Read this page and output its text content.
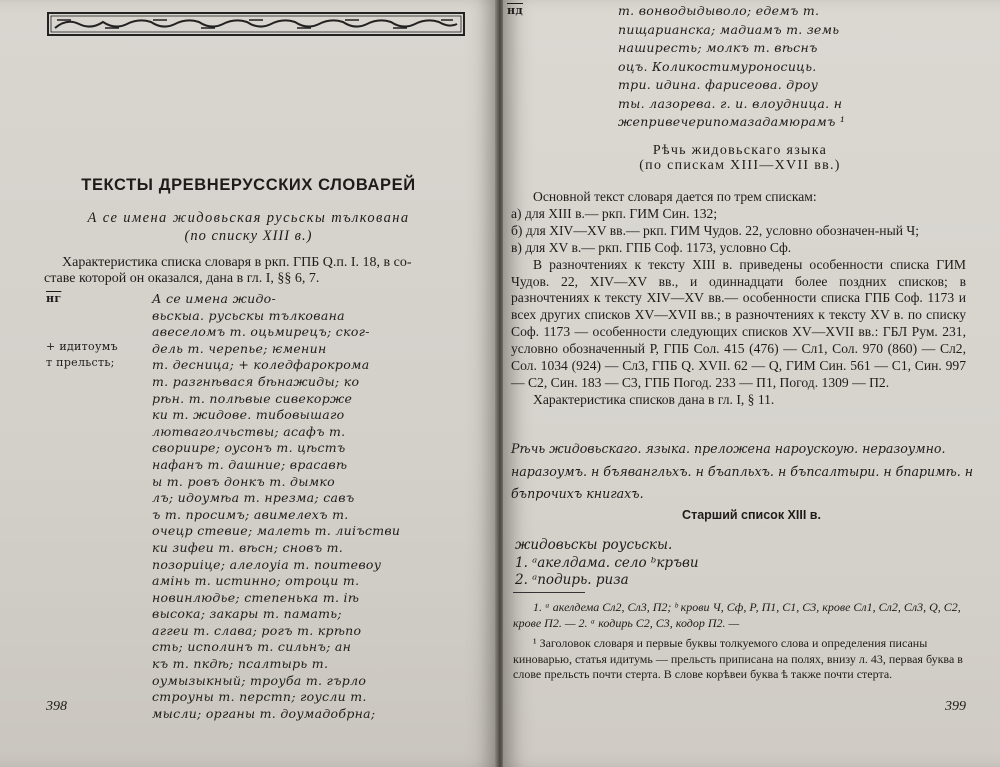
ТЕКСТЫ ДРЕВНЕРУССКИХ СЛОВАРЕЙ
А се имена жидовьская русьскы тълкована
(по списку XIII в.)
Характеристика списка словаря в ркп. ГПБ Q.п. I. 18, в со-
ставе которой он оказался, дана в гл. I, §§ 6, 7.
нг
+ идитоумъ
т прельсть;
А се имена жидо-
вьскыа. русьскы тълкована
авеселомъ т. оцьмирецъ; ског-
дель т. черепье; ѥменин
т. десница; + коледфарокрома
т. разгнѣвася бѣнажиды; ко
рѣн. т. полѣвые сивекорже
ки т. жидове. тибовышаго
лютваголчьствы; асафъ т.
свориире; оусонъ т. цѣстъ
нафанъ т. дашние; врасавѣ
ы т. ровъ донкъ т. дымко
лъ; идоумѣа т. нрезма; савъ
ъ т. просимъ; авимелехъ т.
очецр стевие; малеть т. лиіъстви
ки зифеи т. вѣсн; сновъ т.
позориіце; алелоуіа т. поитевоу
амінь т. истинно; отроци т.
новинлюдье; степенька т. iѣ
высока; закары т. памать;
аггеи т. слава; рогъ т. крѣпо
сть; исполинъ т. сильнъ; ан
къ т. пкдѣ; псалтырь т.
оумызыкный; троуба т. гърло
строуны т. перстп; гоусли т.
мысли; органы т. доумадобрна;
398
нд	т. вонводыдыволо; едемъ т.
пищарианска; мадиамъ т. земь
наширесть; молкъ т. вѣснъ
оцъ. Коликостимуроносиць.
три. идина. фарисеова. дроу
ты. лазорева. г. и. влоудница. н
жепривечерипомазадамюрамъ ¹
Рѣчь жидовьскаго языка
(по спискам XIII—XVII вв.)

Основной текст словаря дается по трем спискам:

а) для XIII в.— ркп. ГИМ Син. 132;
б) для XIV—XV вв.— ркп. ГИМ Чудов. 22, условно обозначен-ный Ч;
в) для XV в.— ркп. ГПБ Соф. 1173, условно Сф.

В разночтениях к тексту XIII в. приведены особенности списка ГИМ Чудов. 22, XIV—XV вв., и одиннадцати более поздних списков; в разночтениях к тексту XIV—XV вв.— особенности списка ГПБ Соф. 1173 и всех других списков XV—XVII вв.; в разночтениях к тексту XV в. по списку Соф. 1173 — особенности следующих списков XV—XVII вв.: ГБЛ Рум. 231, условно обозначенный Р, ГПБ Сол. 415 (476) — Сл1, Сол. 970 (860) — Сл2, Сол. 1034 (924) — Сл3, ГПБ Q. XVII. 62 — Q, ГИМ Син. 561 — С1, Син. 997 — С2, Син. 183 — С3, ГПБ Погод. 233 — П1, Погод. 1309 — П2.

Характеристика списков дана в гл. I, § 11.

Рѣчь жидовьскаго. языка. преложена нароускоую. неразоумно. наразоумъ. н бъявангльхъ. н бъапльхъ. н бъпсалтыри. н бпаримѣ. н бъпрочихъ книгахъ.
Старший список XIII в.
жидовьскы роусьскы.
1. ᵃакелдама. село ᵇкръви
2. ᵃподирь. риза
1. ᵃ акелдема Сл2, Сл3, П2; ᵇ крови Ч, Сф, Р, П1, С1, С3, крове Сл1, Сл2, Сл3, Q, С2, крове П2. — 2. ᵃ кодирь С2, С3, кодор П2. —
¹ Заголовок словаря и первые буквы толкуемого слова и определения писаны киноварью, статья идитумь — прельсть приписана на полях, внизу л. 43, первая буква в слове прельсть почти стерта. В слове корѣвеи буква ѣ также почти стерта.
399
